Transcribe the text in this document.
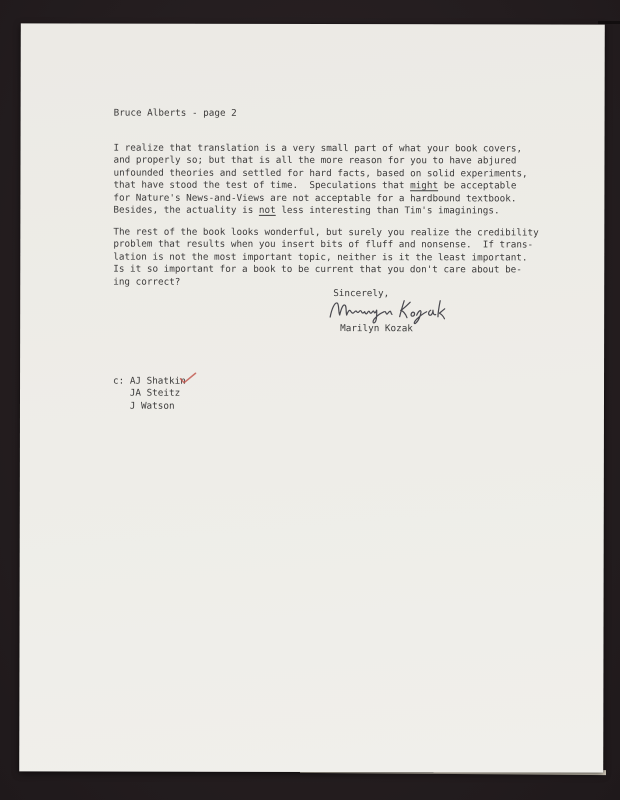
Bruce Alberts - page 2
I realize that translation is a very small part of what your book covers,
and properly so; but that is all the more reason for you to have abjured
unfounded theories and settled for hard facts, based on solid experiments,
that have stood the test of time.  Speculations that might be acceptable
for Nature's News-and-Views are not acceptable for a hardbound textbook.
Besides, the actuality is not less interesting than Tim's imaginings.
The rest of the book looks wonderful, but surely you realize the credibility
problem that results when you insert bits of fluff and nonsense.  If trans-
lation is not the most important topic, neither is it the least important.
Is it so important for a book to be current that you don't care about be-
ing correct?
Sincerely,
Marilyn Kozak

c: AJ Shatkin
JA Steitz
J Watson
